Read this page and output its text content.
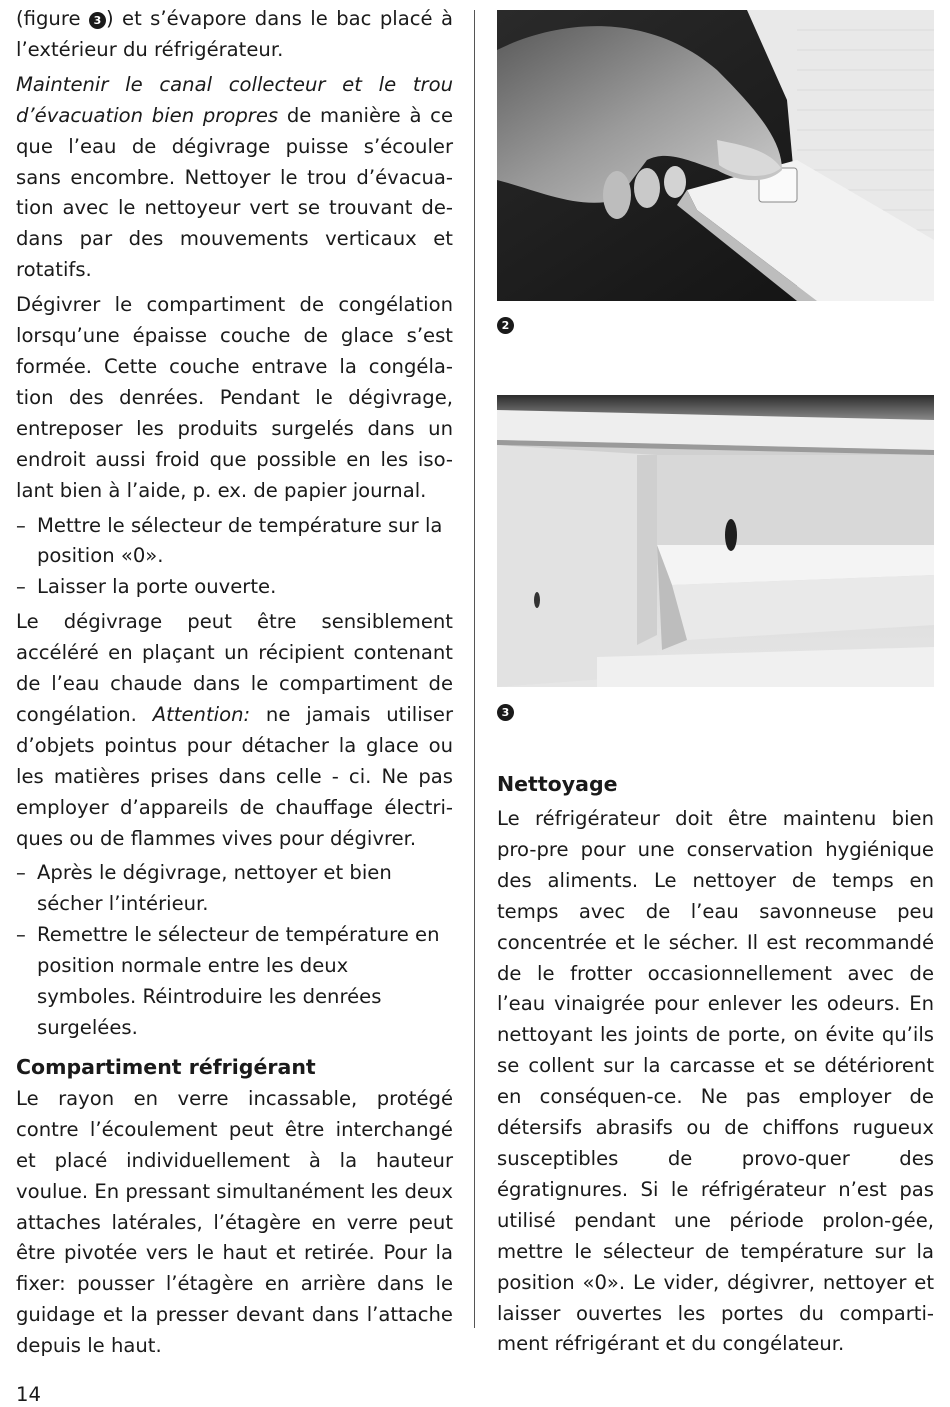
(figure 3 ) et s’évapore dans le bac placé à l’extérieur du réfrigérateur.

Maintenir le canal collecteur et le trou d’évacuation bien propres de manière à ce que l’eau de dégivrage puisse s’écouler sans encombre. Nettoyer le trou d’évacua-tion avec le nettoyeur vert se trouvant de-dans par des mouvements verticaux et rotatifs.

Dégivrer le compartiment de congélation lorsqu’une épaisse couche de glace s’est formée. Cette couche entrave la congéla-tion des denrées. Pendant le dégivrage, entreposer les produits surgelés dans un endroit aussi froid que possible en les iso-lant bien à l’aide, p. ex. de papier journal.

– Mettre le sélecteur de température sur la position «0».
– Laisser la porte ouverte.

Le dégivrage peut être sensiblement accéléré en plaçant un récipient contenant de l’eau chaude dans le compartiment de congélation. Attention: ne jamais utiliser d’objets pointus pour détacher la glace ou les matières prises dans celle - ci. Ne pas employer d’appareils de chauffage électri-ques ou de flammes vives pour dégivrer.

– Après le dégivrage, nettoyer et bien sécher l’intérieur.
– Remettre le sélecteur de température en position normale entre les deux symboles. Réintroduire les denrées surgelées.
Compartiment réfrigérant

Le rayon en verre incassable, protégé contre l’écoulement peut être interchangé et placé individuellement à la hauteur voulue. En pressant simultanément les deux attaches latérales, l’étagère en verre peut être pivotée vers le haut et retirée. Pour la fixer: pousser l’étagère en arrière dans le guidage et la presser devant dans l’attache depuis le haut.

2
3
Nettoyage

Le réfrigérateur doit être maintenu bien pro-pre pour une conservation hygiénique des aliments. Le nettoyer de temps en temps avec de l’eau savonneuse peu concentrée et le sécher. Il est recommandé de le frotter occasionnellement avec de l’eau vinaigrée pour enlever les odeurs. En nettoyant les joints de porte, on évite qu’ils se collent sur la carcasse et se détériorent en conséquen-ce. Ne pas employer de détersifs abrasifs ou de chiffons rugueux susceptibles de provo-quer des égratignures. Si le réfrigérateur n’est pas utilisé pendant une période prolon-gée, mettre le sélecteur de température sur la position «0». Le vider, dégivrer, nettoyer et laisser ouvertes les portes du comparti-ment réfrigérant et du congélateur.

14
